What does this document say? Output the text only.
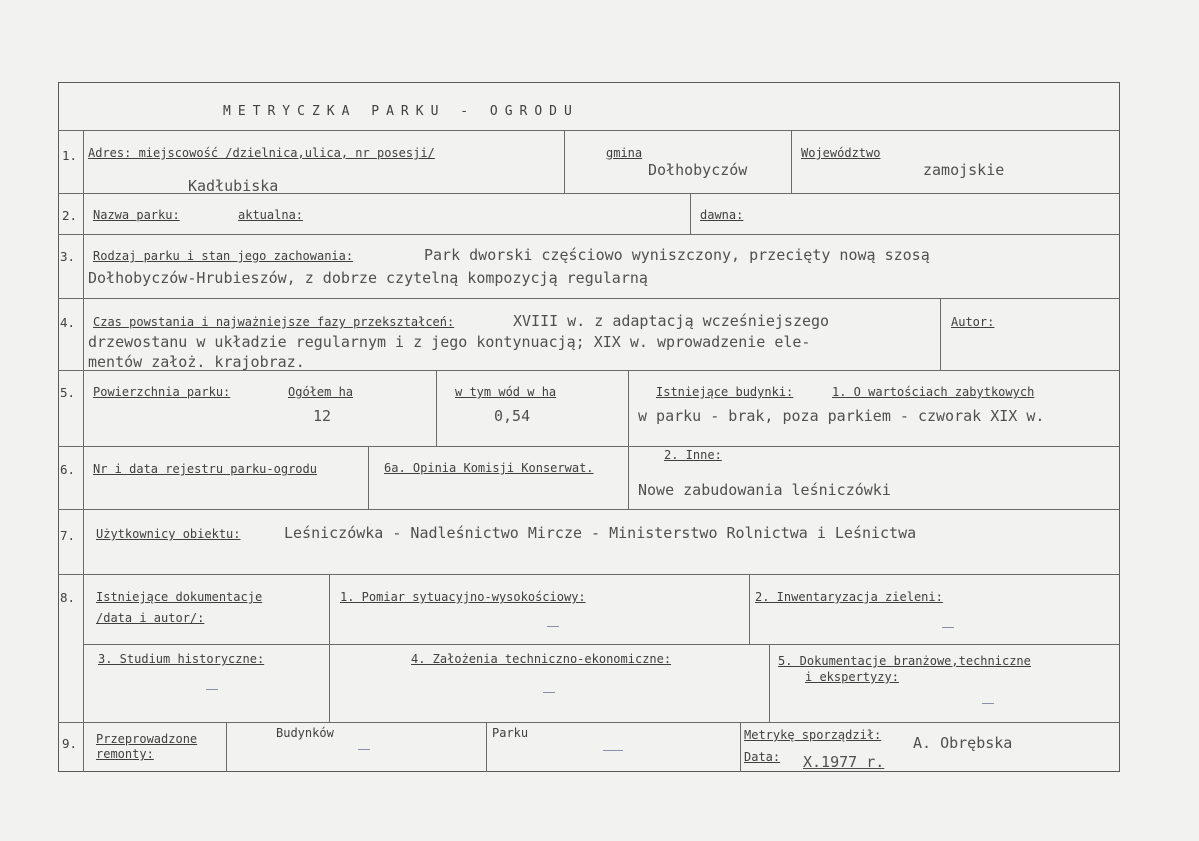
METRYCZKA PARKU - OGRODU
1. Adres: miejscowość /dzielnica,ulica, nr posesji/
Kadłubiska
gmina
Dołhobyczów
Województwo
zamojskie
2. Nazwa parku:	aktualna:	dawna:
3. Rodzaj parku i stan jego zachowania:	Park dworski częściowo wyniszczony, przecięty nową szosą
Dołhobyczów-Hrubieszów, z dobrze czytelną kompozycją regularną
4. Czas powstania i najważniejsze fazy przekształceń:	XVIII w. z adaptacją wcześniejszego
drzewostanu w układzie regularnym i z jego kontynuacją; XIX w. wprowadzenie ele-
mentów założ. krajobraz.
Autor:
5. Powierzchnia parku:	Ogółem ha
12
w tym wód w ha
0,54
Istniejące budynki:	1. O wartościach zabytkowych
w parku - brak, poza parkiem - czworak XIX w.
6. Nr i data rejestru parku-ogrodu	6a. Opinia Komisji Konserwat.
2. Inne:
Nowe zabudowania leśniczówki
7. Użytkownicy obiektu:	Leśniczówka - Nadleśnictwo Mircze - Ministerstwo Rolnictwa i Leśnictwa
8. Istniejące dokumentacje
/data i autor/:
1. Pomiar sytuacyjno-wysokościowy:	2. Inwentaryzacja zieleni:
3. Studium historyczne:	4. Założenia techniczno-ekonomiczne:	5. Dokumentacje branżowe,techniczne
i ekspertyzy:
9. Przeprowadzone
remonty:
Budynków	Parku	Metrykę sporządził: A. Obrębska
Data: X.1977 r.
